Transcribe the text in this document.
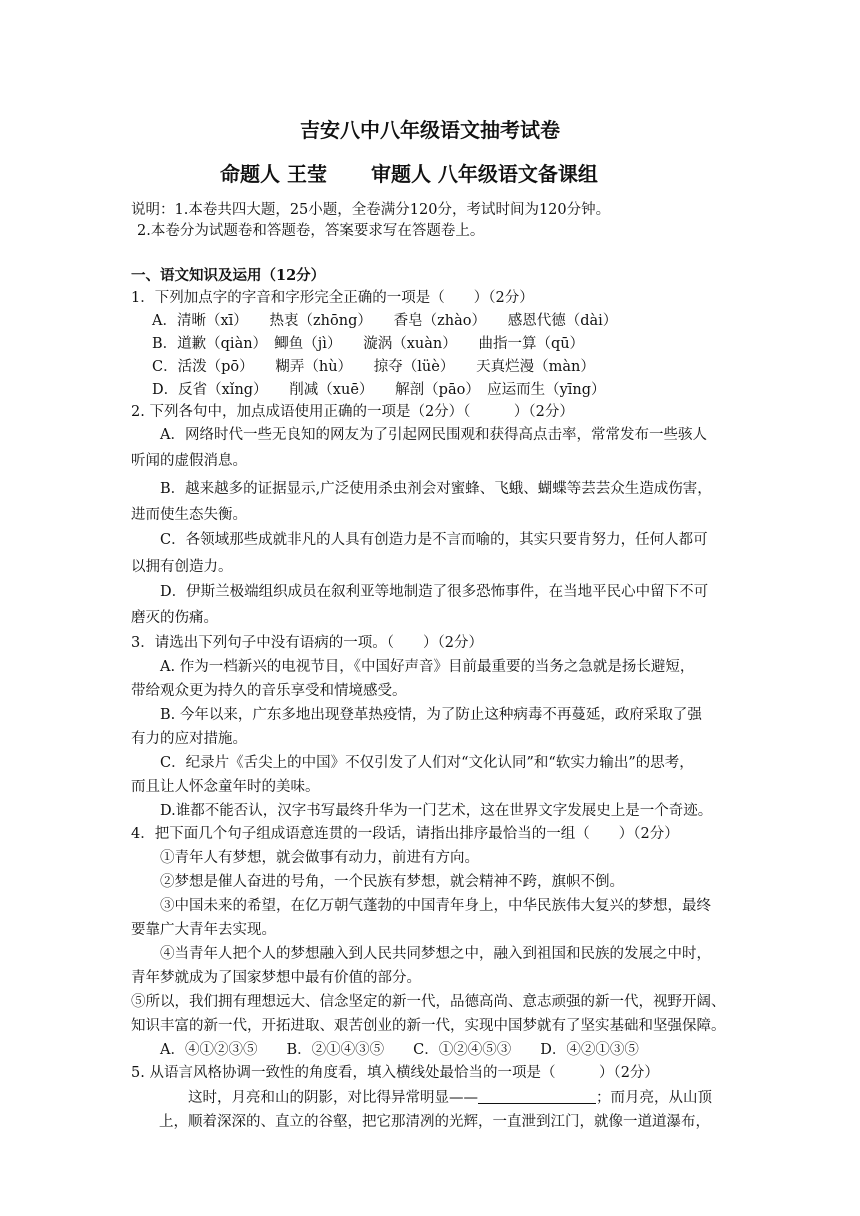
吉安八中八年级语文抽考试卷
命题人 王莹 审题人 八年级语文备课组
说明：1.本卷共四大题，25小题，全卷满分120分，考试时间为120分钟。
2.本卷分为试题卷和答题卷，答案要求写在答题卷上。
一、语文知识及运用（12分）
1．下列加点字的字音和字形完全正确的一项是（　　）（2分）
A．清晰（xī）　　热衷（zhōng）　　香皂（zhào）　　感恩代德（dài）
B．道歉（qiàn）　鲫鱼（jì）　　漩涡（xuàn）　　曲指一算（qū）
C．活泼（pō）　　糊弄（hù）　　掠夺（lüè）　　天真烂漫（màn）
D．反省（xǐng）　　削减（xuē）　　解剖（pāo）　应运而生（yīng）
2. 下列各句中，加点成语使用正确的一项是（2分）（　　　）（2分）
A．网络时代一些无良知的网友为了引起网民围观和获得高点击率，常常发布一些骇人
听闻的虚假消息。
B．越来越多的证据显示,广泛使用杀虫剂会对蜜蜂、飞蛾、蝴蝶等芸芸众生造成伤害，
进而使生态失衡。
C．各领域那些成就非凡的人具有创造力是不言而喻的，其实只要肯努力，任何人都可
以拥有创造力。
D．伊斯兰极端组织成员在叙利亚等地制造了很多恐怖事件，在当地平民心中留下不可
磨灭的伤痛。
3．请选出下列句子中没有语病的一项。（　　）（2分）
A. 作为一档新兴的电视节目，《中国好声音》目前最重要的当务之急就是扬长避短，
带给观众更为持久的音乐享受和情境感受。
B. 今年以来，广东多地出现登革热疫情，为了防止这种病毒不再蔓延，政府采取了强
有力的应对措施。
C．纪录片《舌尖上的中国》不仅引发了人们对“文化认同”和“软实力输出”的思考，
而且让人怀念童年时的美味。
D.谁都不能否认，汉字书写最终升华为一门艺术，这在世界文字发展史上是一个奇迹。
4．把下面几个句子组成语意连贯的一段话，请指出排序最恰当的一组（　　）（2分）
①青年人有梦想，就会做事有动力，前进有方向。
②梦想是催人奋进的号角，一个民族有梦想，就会精神不跨，旗帜不倒。
③中国未来的希望，在亿万朝气蓬勃的中国青年身上，中华民族伟大复兴的梦想，最终
要靠广大青年去实现。
④当青年人把个人的梦想融入到人民共同梦想之中，融入到祖国和民族的发展之中时，
青年梦就成为了国家梦想中最有价值的部分。
⑤所以，我们拥有理想远大、信念坚定的新一代，品德高尚、意志顽强的新一代，视野开阔、
知识丰富的新一代，开拓进取、艰苦创业的新一代，实现中国梦就有了坚实基础和坚强保障。
A．④①②③⑤　　B．②①④③⑤　　C．①②④⑤③　　D．④②①③⑤
5. 从语言风格协调一致性的角度看，填入横线处最恰当的一项是（　　　）（2分）
这时，月亮和山的阴影，对比得异常明显——	；而月亮，从山顶
上，顺着深深的、直立的谷壑，把它那清冽的光辉，一直泄到江门，就像一道道瀑布，
